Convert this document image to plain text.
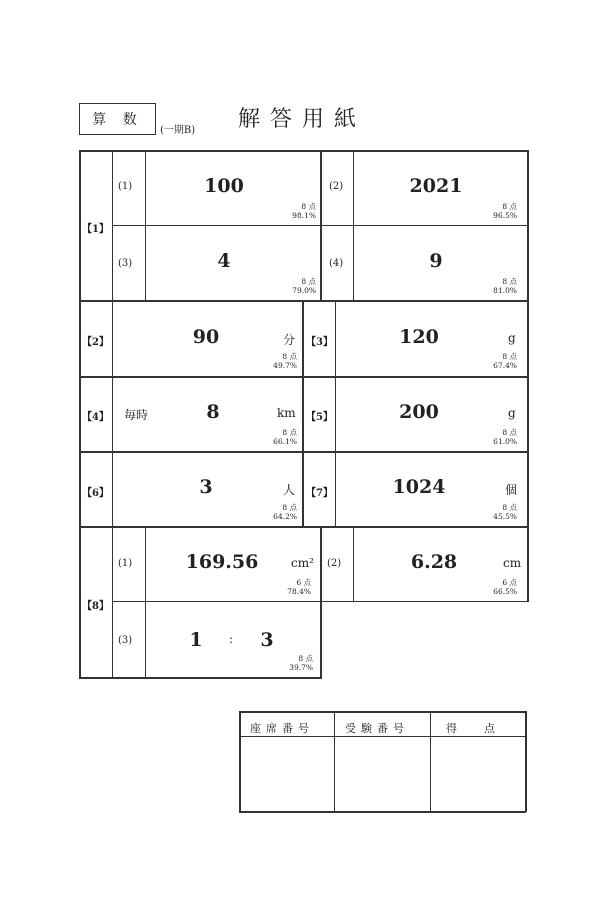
算 数
(一期B) 解答用紙
【1】
(1)	100
8 点
98.1%
(2)	2021
8 点
96.5%
(3)	4
8 点
79.0%
(4)	9
8 点
81.0%
【2】	90	分
8 点
49.7%
【3】	120	g
8 点
67.4%
【4】 毎時	8	km
8 点
66.1%
【5】	200	g
8 点
61.0%
【6】	3	人
8 点
64.2%
【7】	1024	個
8 点
45.5%
【8】
(1)	169.56	cm²
6 点
78.4%
(2)	6.28	cm
6 点
66.5%
(3)	1 : 3
8 点
39.7%
座席番号	受験番号	得　点
